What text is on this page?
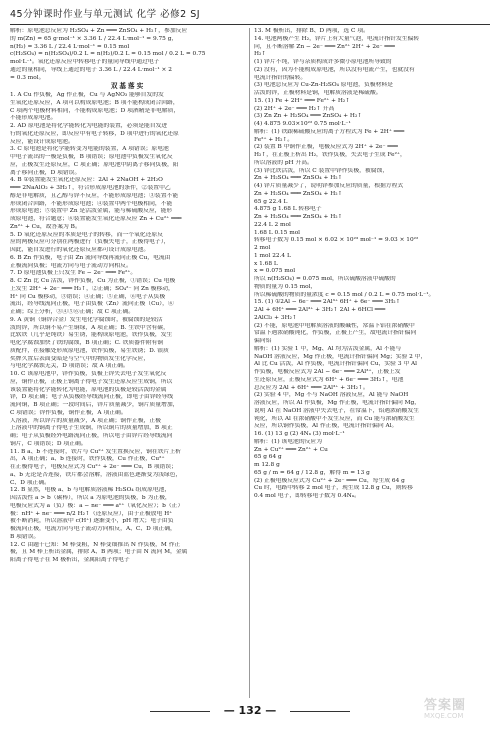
45分钟课时作业与单元测试 化学 必修2 SJ
解析：原电池总反应为 H₂SO₄ + Zn ═══ ZnSO₄ + H₂↑，参加反应
的 m(Zn) = 65 g·mol⁻¹ × 3.36 L / 22.4 L·mol⁻¹ = 9.75 g，
n(H₂) = 3.36 L / 22.4 L·mol⁻¹ = 0.15 mol
c(H₂SO₄) = n(H₂SO₄)/0.2 L = n(H₂)/0.2 L = 0.15 mol / 0.2 L = 0.75
mol·L⁻¹。氧化还原反应中转移电子的量同导线中通过电子
通过的量相同，导线上通过的电子 3.36 L / 22.4 L·mol⁻¹ × 2
= 0.3 mol。
双基落实
1. A Cu 作负极，Ag 作正极，Cu 与 AgNO₃ 能够自发的发
生氧化还原反应，A 项可以构成原电池；B 项不能构成闭合回路，
C 项两个电极材料相同，不能构成原电池；D 项酒精是非电解质，
不能形成原电池。
2. AD 原电池是将化学能转化为电能的装置，必须是能自发进
行的氧化还原反应，即反应中有电子转移，D 项中进行的氧化还原
反应，能设计成原电池。
3. C 原电池是将化学能转变为电能的装置，A 项错误；原电池
中电子流出的一极是负极，B 项错误；原电池中负极发生氧化反
应，正极发生还原反应，C 项正确；原电池中阴离子移向负极，阳
离子移向正极，D 项错误。
4. B ①装置能发生氧化还原反应：2Al + 2NaOH + 2H₂O
═══ 2NaAlO₂ + 3H₂↑，符合形成原电池的条件，②装置中乙
醇是非电解质，且乙醇与锌不反应，不能形成原电池；③装置不能
形成闭合回路，不能形成原电池；④装置中两个电极相同，不能
形成原电池；⑤装置中 Zn 是活泼金属，能与稀硫酸反应，能形
成原电池，符合题意；⑥装置能发生氧化还原反应 Zn + Cu²⁺ ═══
Zn²⁺ + Cu，故答案为 B。
5. D 氧化还原反应的本质是电子的转移，而一个氧化还原反
应的两极反应可分别在两极进行（负极失电子，正极得电子），
因此，能自发进行的氧化还原反应都可设计成原电池。
6. B Zn 作负极，电子由 Zn 流向导线再流向正极 Cu，电流由
正极流向负极；电流方向与电子流动方向相反。
7. D 原电池负极上只发生 Fe − 2e⁻ ═══ Fe²⁺。
8. C Zn 比 Cu 活泼，锌作负极，Cu 为正极，①错误；Cu 电极
上发生 2H⁺ + 2e⁻ ═══ H₂↑，②正确；SO₄²⁻ 向 Zn 极移动，
H⁺ 向 Cu 极移动，③错误；④正确；⑤正确，⑥电子从负极
流出，经导线流向正极，电子由负极（Zn）流向正极（Cu），⑥
正确；综上分析，③④⑤⑥正确；故 C 项正确。
9. A 黄铜（铜锌合金）发生电化学腐蚀时，被腐蚀的是较活
泼的锌，所以铜不易产生铜绿，A 项正确；B. 生铁中含有碳，
比软铁（几乎是纯铁）易生锈，能构成原电池，铁作负极，发生
电化学腐蚀加快了铁的腐蚀，B 项正确；C. 铁质器件附有铜
质配件，在接触处形成原电池，铁作负极，易生铁锈；D. 银质
奖牌久置后表面变暗是与空气中的物质发生化学反应，
与电化学腐蚀无关，D 项错误；故 A 项正确。
10. C 该原电池中，锌作负极，负极上锌失去电子发生氧化反
应，铜作正极，正极上铜离子得电子发生还原反应生成铜，所以
该装置能将化学能转化为电能，原电池的负极是较活泼的金属
锌，D 项正确；电子从负极经导线流向正极，即电子由锌经导线
流向铜，B 项正确；一段时间后，锌片质量减少，铜片质量增加，
C 项错误；锌作负极，铜作正极，A 项正确。
人溶液，所以锌片的质量减少，A 项正确；铜作正极，正极
上溶液中的铜离子得电子生成铜，所以铜片的质量增加，B 项正
确；电子从负极经外电路流向正极，所以电子由锌片经导线流向
铜片，C 项错误；D 项正确。
11. B a、b 不连接时，铁片与 Cu²⁺ 发生置换反应，铜在铁片上析
出，A 项正确；a、b 连接时，铁作负极，Cu 作正极，Cu²⁺
在正极得电子，电极反应式为 Cu²⁺ + 2e⁻ ═══ Cu，B 项错误；
a、b 无论是否连接，铁片都会溶解，溶液由蓝色逐渐变为浅绿色，
C、D 项正确。
12. B 显然，电极 a、b 与电解质溶液稀 H₂SO₄ 组成原电池，
因活泼性 a > b（碳棒），所以 a 为原电池的负极，b 为正极，
电极反应式为 a（负）极：a − ne⁻ ═══ aⁿ⁺（氧化反应）；b（正）
极：nH⁺ + ne⁻ ═══ n/2 H₂↑（还原反应），由于正极放电 H⁺
被不断消耗，所以溶液中 c(H⁺) 逐渐变小，pH 增大；电子由负
极流向正极，电流方向与电子流动方向相反，A、C、D 项正确，
B 项错误。
12. C 由题干已知：M 棒变粗，N 棒变细推出 N 作负极，M 作正
极，且 M 棒上析出金属，排除 A、B 两项；电子由 N 流向 M，金属
阳离子得电子在 M 极析出，金属阳离子得电子
13. M 极析出，排除 B、D 两项，选 C 项。
14. 电池两极产生 H₂，锌片上有大量气泡，电流计指针发生偏转
向，且不断溶解 Zn − 2e⁻ ═══ Zn²⁺ 2H⁺ + 2e⁻ ═══
H₂↑
(1) 锌片不纯，锌与杂质构成许多微小原电池所导致的
(2) 没有，因为不能构成原电池，所以没有电流产生，也就没有
电流计指针的偏转。
(3) 电池总反应为 Cu-Zn-H₂SO₄ 原电池，负极材料是
活泼的锌，正极材料是铜，电解质溶液是稀硫酸。
15. (1) Fe + 2H⁺ ═══ Fe²⁺ + H₂↑
(2) 2H⁺ + 2e⁻ ═══ H₂↑ 升高
(3) Zn Zn + H₂SO₄ ═══ ZnSO₄ + H₂↑
(4) 4.875 9.03×10²² 0.75 mol·L⁻¹
解析：(1) 铁跟稀硫酸反应的离子方程式为 Fe + 2H⁺ ═══
Fe²⁺ + H₂↑。
(2) 装置 B 中铜作正极，电极反应式为 2H⁺ + 2e⁻ ═══
H₂↑，在正极上析出 H₂，铁作负极，失去电子生成 Fe²⁺，
所以溶液的 pH 升高。
(3) 锌比铁活泼，所以 C 装置中锌作负极，被腐蚀，
Zn + H₂SO₄ ═══ ZnSO₄ + H₂↑
(4) 锌片质量减少了，说明锌参加反应的质量，根据方程式
Zn + H₂SO₄ ═══ ZnSO₄ + H₂↑
65 g 22.4 L
4.875 g 1.68 L 转移电子
Zn + H₂SO₄ ═══ ZnSO₄ + H₂↑
22.4 L 2 mol
1.68 L 0.15 mol
转移电子数为 0.15 mol × 6.02 × 10²³ mol⁻¹ = 9.03 × 10²²
2 mol
1 mol 22.4 L
x 1.68 L
x = 0.075 mol
所以 n(H₂SO₄) = 0.075 mol，所以硫酸溶液中硫酸的
物质的量为 0.15 mol，
所以稀硫酸的物质的量浓度 c = 0.15 mol / 0.2 L = 0.75 mol·L⁻¹。
15. (1) ①2Al − 6e⁻ ═══ 2Al³⁺ 6H⁺ + 6e⁻ ═══ 3H₂↑
2Al + 6H⁺ ═══ 2Al³⁺ + 3H₂↑ 2Al + 6HCl ═══
2AlCl₃ + 3H₂↑
(2) 不能，原电池中电解质溶液的酸碱性，常温下铝在浓硝酸中
常温下遇浓硝酸钝化，作负极，正极上产生，故电流计指针偏向
偏向铝
解析：(1) 实验 1 中，Mg、Al 均为活泼金属，Al 不能与
NaOH 溶液反应，Mg 作正极，电流计指针偏向 Mg；实验 2 中，
Al 比 Cu 活泼，Al 作负极，电流计指针偏向 Cu，实验 3 中 Al
作负极，电极反应式为 2Al − 6e⁻ ═══ 2Al³⁺，正极上发
生还原反应，正极反应式为 6H⁺ + 6e⁻ ═══ 3H₂↑，电池
总反应为 2Al + 6H⁺ ═══ 2Al³⁺ + 3H₂↑。
(2) 实验 4 中，Mg 不与 NaOH 溶液反应，Al 能与 NaOH
溶液反应，所以 Al 作负极，Mg 作正极，电流计指针偏向 Mg，
说明 Al 在 NaOH 溶液中失去电子，在常温下，铝遇浓硝酸发生
钝化，所以 Al 在浓硝酸中不发生反应，而 Cu 能与浓硝酸发生
反应，所以铜作负极，Al 作正极，电流计指针偏向 Al。
16. (1) 13 g (2) 4Nₐ (3) mol·L⁻¹
解析：(1) 该电池的反应为
Zn + Cu²⁺ ═══ Zn²⁺ + Cu
65 g 64 g
m 12.8 g
65 g / m = 64 g / 12.8 g，解得 m = 13 g
(2) 正极电极反应式为 Cu²⁺ + 2e⁻ ═══ Cu，每生成 64 g
Cu 时，电路中转移 2 mol 电子，现生成 12.8 g Cu，则转移
0.4 mol 电子，即转移电子数为 0.4Nₐ。
— 132 —	答案圈
MXQE.COM
